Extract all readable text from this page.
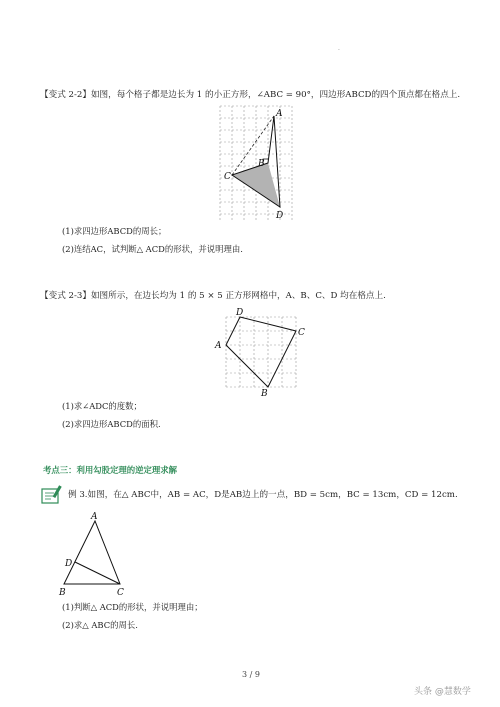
·
【变式 2-2】如图，每个格子都是边长为 1 的小正方形，∠ABC = 90°，四边形ABCD的四个顶点都在格点上.
A
B
C
D
(1)求四边形ABCD的周长；
(2)连结AC，试判断△ ACD的形状，并说明理由.
【变式 2-3】如图所示，在边长均为 1 的 5 × 5 正方形网格中，A、B、C、D 均在格点上.
D
A
C
B
(1)求∠ADC的度数；
(2)求四边形ABCD的面积.
考点三：利用勾股定理的逆定理求解
例 3.如图，在△ ABC中，AB = AC，D是AB边上的一点，BD = 5cm，BC = 13cm，CD = 12cm.
A
D
B	C
(1)判断△ ACD的形状，并说明理由；
(2)求△ ABC的周长.
3 / 9
头条 @慧数学
